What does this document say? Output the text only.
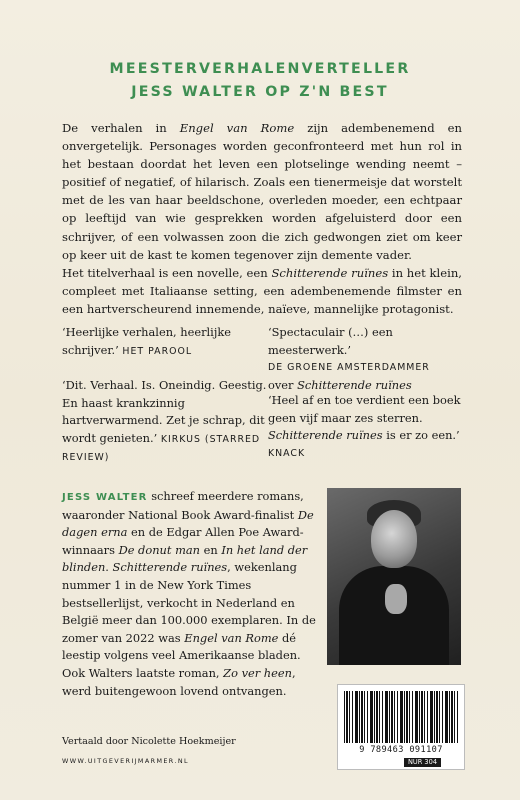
MEESTERVERHALENVERTELLER
JESS WALTER OP Z'N BEST

De verhalen in Engel van Rome zijn adembenemend en onvergetelijk. Personages worden geconfronteerd met hun rol in het bestaan doordat het leven een plotselinge wending neemt – positief of negatief, of hilarisch. Zoals een tienermeisje dat worstelt met de les van haar beeldschone, overleden moeder, een echtpaar op leeftijd van wie gesprekken worden afgeluisterd door een schrijver, of een volwassen zoon die zich gedwongen ziet om keer op keer uit de kast te komen tegenover zijn demente vader.

Het titelverhaal is een novelle, een Schitterende ruïnes in het klein, compleet met Italiaanse setting, een adembenemende filmster en een hartverscheurend innemende, naïeve, mannelijke protagonist.

‘Heerlijke verhalen, heerlijke schrijver.’ HET PAROOL
‘Spectaculair (…) een meesterwerk.’
DE GROENE AMSTERDAMMER
over Schitterende ruïnes
‘Dit. Verhaal. Is. Oneindig. Geestig. En haast krankzinnig hartverwarmend. Zet je schrap, dit wordt genieten.’ KIRKUS (STARRED REVIEW)
‘Heel af en toe verdient een boek geen vijf maar zes sterren. Schitterende ruïnes is er zo een.’
KNACK
JESS WALTER schreef meerdere romans, waaronder National Book Award-finalist De dagen erna en de Edgar Allen Poe Award-winnaars De donut man en In het land der blinden. Schitterende ruïnes, wekenlang nummer 1 in de New York Times bestsellerlijst, verkocht in Nederland en België meer dan 100.000 exemplaren. In de zomer van 2022 was Engel van Rome dé leestip volgens veel Amerikaanse bladen. Ook Walters laatste roman, Zo ver heen, werd buitengewoon lovend ontvangen.
9 789463 091107
NUR 304
Vertaald door Nicolette Hoekmeijer
WWW.UITGEVERIJMARMER.NL
